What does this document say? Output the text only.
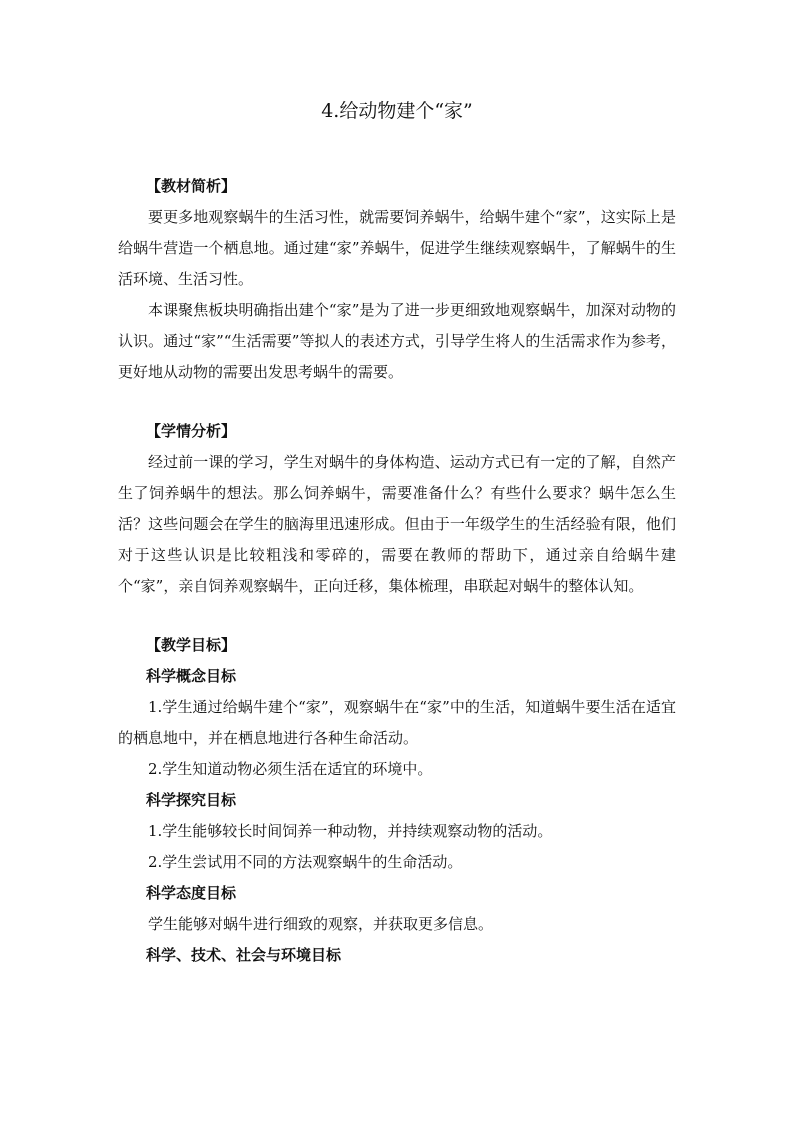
4.给动物建个“家”

【教材简析】

要更多地观察蜗牛的生活习性，就需要饲养蜗牛，给蜗牛建个“家”，这实际上是给蜗牛营造一个栖息地。通过建“家”养蜗牛，促进学生继续观察蜗牛，了解蜗牛的生活环境、生活习性。

本课聚焦板块明确指出建个“家”是为了进一步更细致地观察蜗牛，加深对动物的认识。通过“家”“生活需要”等拟人的表述方式，引导学生将人的生活需求作为参考，更好地从动物的需要出发思考蜗牛的需要。

【学情分析】

经过前一课的学习，学生对蜗牛的身体构造、运动方式已有一定的了解，自然产生了饲养蜗牛的想法。那么饲养蜗牛，需要准备什么？有些什么要求？蜗牛怎么生活？这些问题会在学生的脑海里迅速形成。但由于一年级学生的生活经验有限，他们对于这些认识是比较粗浅和零碎的，需要在教师的帮助下，通过亲自给蜗牛建个“家”，亲自饲养观察蜗牛，正向迁移，集体梳理，串联起对蜗牛的整体认知。

【教学目标】

科学概念目标

1.学生通过给蜗牛建个“家”，观察蜗牛在“家”中的生活，知道蜗牛要生活在适宜的栖息地中，并在栖息地进行各种生命活动。

2.学生知道动物必须生活在适宜的环境中。

科学探究目标

1.学生能够较长时间饲养一种动物，并持续观察动物的活动。

2.学生尝试用不同的方法观察蜗牛的生命活动。

科学态度目标

学生能够对蜗牛进行细致的观察，并获取更多信息。

科学、技术、社会与环境目标
